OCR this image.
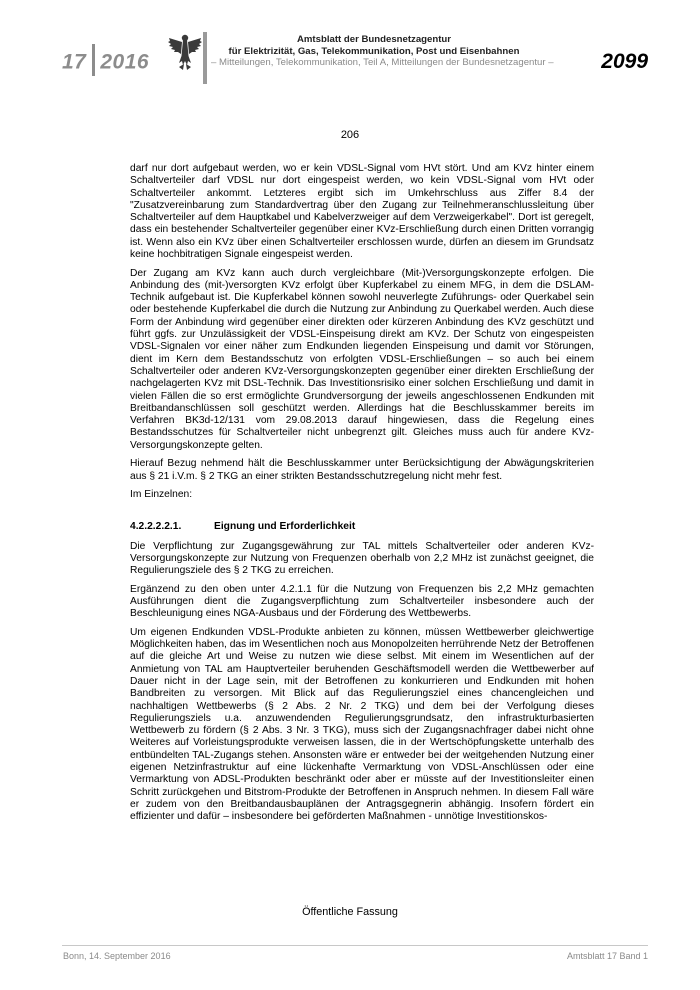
17 2016
Amtsblatt der Bundesnetzagentur
für Elektrizität, Gas, Telekommunikation, Post und Eisenbahnen
– Mitteilungen, Telekommunikation, Teil A, Mitteilungen der Bundesnetzagentur – 2099
206

darf nur dort aufgebaut werden, wo er kein VDSL-Signal vom HVt stört. Und am KVz hinter einem Schaltverteiler darf VDSL nur dort eingespeist werden, wo kein VDSL-Signal vom HVt oder Schaltverteiler ankommt. Letzteres ergibt sich im Umkehrschluss aus Ziffer 8.4 der "Zusatzvereinbarung zum Standardvertrag über den Zugang zur Teilnehmeranschlussleitung über Schaltverteiler auf dem Hauptkabel und Kabelverzweiger auf dem Verzweigerkabel". Dort ist geregelt, dass ein bestehender Schaltverteiler gegenüber einer KVz-Erschließung durch einen Dritten vorrangig ist. Wenn also ein KVz über einen Schaltverteiler erschlossen wurde, dürfen an diesem im Grundsatz keine hochbitratigen Signale eingespeist werden.

Der Zugang am KVz kann auch durch vergleichbare (Mit-)Versorgungskonzepte erfolgen. Die Anbindung des (mit-)versorgten KVz erfolgt über Kupferkabel zu einem MFG, in dem die DSLAM-Technik aufgebaut ist. Die Kupferkabel können sowohl neuverlegte Zuführungs- oder Querkabel sein oder bestehende Kupferkabel die durch die Nutzung zur Anbindung zu Querkabel werden. Auch diese Form der Anbindung wird gegenüber einer direkten oder kürzeren Anbindung des KVz geschützt und führt ggfs. zur Unzulässigkeit der VDSL-Einspeisung direkt am KVz. Der Schutz von eingespeisten VDSL-Signalen vor einer näher zum Endkunden liegenden Einspeisung und damit vor Störungen, dient im Kern dem Bestandsschutz von erfolgten VDSL-Erschließungen – so auch bei einem Schaltverteiler oder anderen KVz-Versorgungskonzepten gegenüber einer direkten Erschließung der nachgelagerten KVz mit DSL-Technik. Das Investitionsrisiko einer solchen Erschließung und damit in vielen Fällen die so erst ermöglichte Grundversorgung der jeweils angeschlossenen Endkunden mit Breitbandanschlüssen soll geschützt werden. Allerdings hat die Beschlusskammer bereits im Verfahren BK3d-12/131 vom 29.08.2013 darauf hingewiesen, dass die Regelung eines Bestandsschutzes für Schaltverteiler nicht unbegrenzt gilt. Gleiches muss auch für andere KVz-Versorgungskonzepte gelten.

Hierauf Bezug nehmend hält die Beschlusskammer unter Berücksichtigung der Abwägungskriterien aus § 21 i.V.m. § 2 TKG an einer strikten Bestandsschutzregelung nicht mehr fest.

Im Einzelnen:

4.2.2.2.2.1.	Eignung und Erforderlichkeit

Die Verpflichtung zur Zugangsgewährung zur TAL mittels Schaltverteiler oder anderen KVz-Versorgungskonzepte zur Nutzung von Frequenzen oberhalb von 2,2 MHz ist zunächst geeignet, die Regulierungsziele des § 2 TKG zu erreichen.

Ergänzend zu den oben unter 4.2.1.1 für die Nutzung von Frequenzen bis 2,2 MHz gemachten Ausführungen dient die Zugangsverpflichtung zum Schaltverteiler insbesondere auch der Beschleunigung eines NGA-Ausbaus und der Förderung des Wettbewerbs.

Um eigenen Endkunden VDSL-Produkte anbieten zu können, müssen Wettbewerber gleichwertige Möglichkeiten haben, das im Wesentlichen noch aus Monopolzeiten herrührende Netz der Betroffenen auf die gleiche Art und Weise zu nutzen wie diese selbst. Mit einem im Wesentlichen auf der Anmietung von TAL am Hauptverteiler beruhenden Geschäftsmodell werden die Wettbewerber auf Dauer nicht in der Lage sein, mit der Betroffenen zu konkurrieren und Endkunden mit hohen Bandbreiten zu versorgen. Mit Blick auf das Regulierungsziel eines chancengleichen und nachhaltigen Wettbewerbs (§ 2 Abs. 2 Nr. 2 TKG) und dem bei der Verfolgung dieses Regulierungsziels u.a. anzuwendenden Regulierungsgrundsatz, den infrastrukturbasierten Wettbewerb zu fördern (§ 2 Abs. 3 Nr. 3 TKG), muss sich der Zugangsnachfrager dabei nicht ohne Weiteres auf Vorleistungsprodukte verweisen lassen, die in der Wertschöpfungskette unterhalb des entbündelten TAL-Zugangs stehen. Ansonsten wäre er entweder bei der weitgehenden Nutzung einer eigenen Netzinfrastruktur auf eine lückenhafte Vermarktung von VDSL-Anschlüssen oder eine Vermarktung von ADSL-Produkten beschränkt oder aber er müsste auf der Investitionsleiter einen Schritt zurückgehen und Bitstrom-Produkte der Betroffenen in Anspruch nehmen. In diesem Fall wäre er zudem von den Breitbandausbauplänen der Antragsgegnerin abhängig. Insofern fördert ein effizienter und dafür – insbesondere bei geförderten Maßnahmen - unnötige Investitionskos-

Öffentliche Fassung
Bonn, 14. September 2016	Amtsblatt 17 Band 1
